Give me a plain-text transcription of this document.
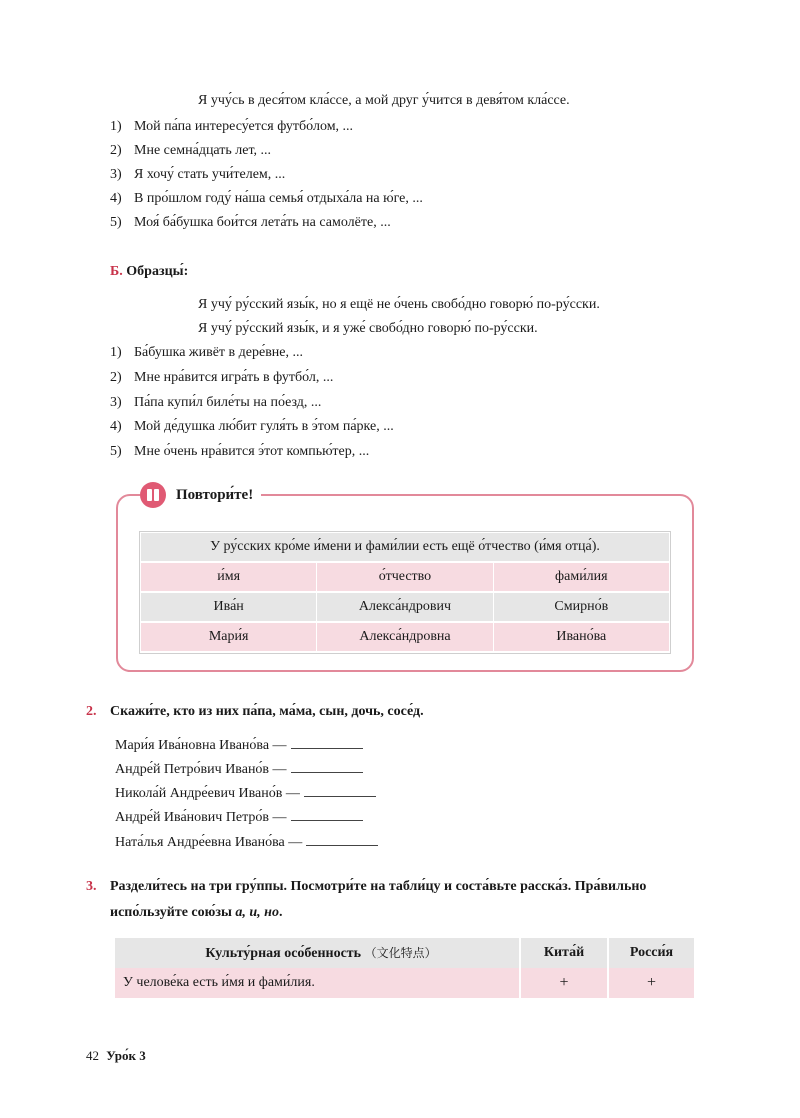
Я учу́сь в деся́том кла́ссе, а мой друг у́чится в девя́том кла́ссе.
1) Мой па́па интересу́ется футбо́лом, ...
2) Мне семна́дцать лет, ...
3) Я хочу́ стать учи́телем, ...
4) В про́шлом году́ на́ша семья́ отдыха́ла на ю́ге, ...
5) Моя́ ба́бушка бои́тся лета́ть на самолёте, ...
Б. Образцы́:
Я учу́ ру́сский язы́к, но я ещё не о́чень свобо́дно говорю́ по-ру́сски.
Я учу́ ру́сский язы́к, и я уже́ свобо́дно говорю́ по-ру́сски.
1) Ба́бушка живёт в дере́вне, ...
2) Мне нра́вится игра́ть в футбо́л, ...
3) Па́па купи́л биле́ты на по́езд, ...
4) Мой де́душка лю́бит гуля́ть в э́том па́рке, ...
5) Мне о́чень нра́вится э́тот компью́тер, ...
Повтори́те!
У ру́сских кро́ме и́мени и фами́лии есть ещё о́тчество (и́мя отца́).		
и́мя	о́тчество	фами́лия
Ива́н	Алекса́ндрович	Смирно́в
Мари́я	Алекса́ндровна	Ивано́ва
2. Скажи́те, кто из них па́па, ма́ма, сын, дочь, сосе́д.
Мари́я Ива́новна Ивано́ва —
Андре́й Петро́вич Ивано́в —
Никола́й Андре́евич Ивано́в —
Андре́й Ива́нович Петро́в —
Ната́лья Андре́евна Ивано́ва —
3. Раздели́тесь на три гру́ппы. Посмотри́те на табли́цу и соста́вьте расска́з. Пра́вильно
испо́льзуйте сою́зы а, и, но.
Культу́рная осо́бенность （文化特点）	Кита́й	Росси́я
У челове́ка есть и́мя и фами́лия.	+	+
42 Уро́к 3
